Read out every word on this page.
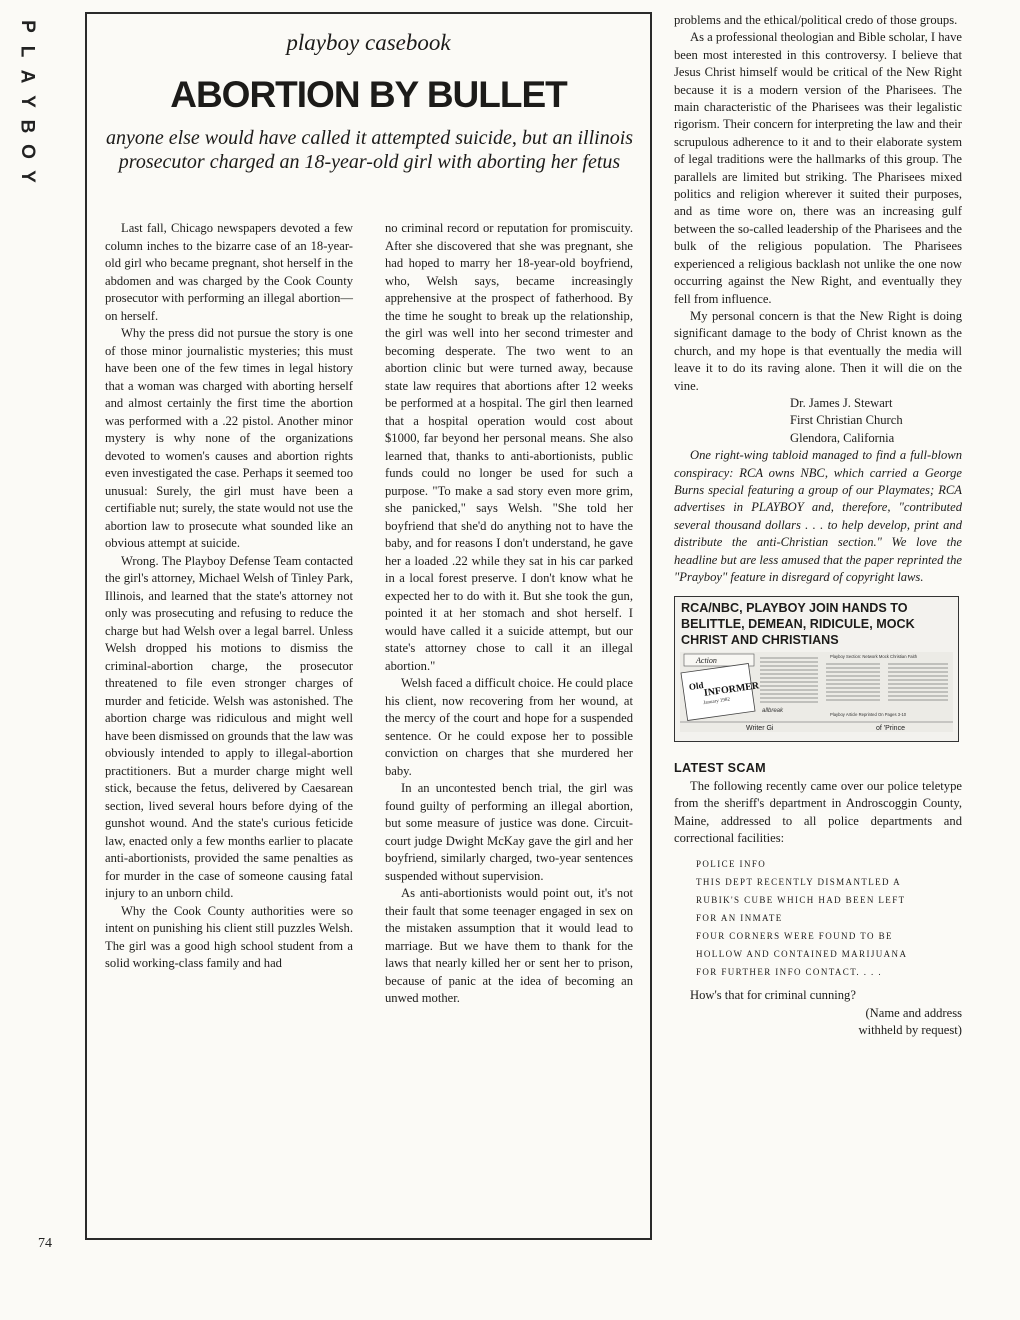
P
L
A
Y
B
O
Y
74
playboy casebook
ABORTION BY BULLET
anyone else would have called it attempted suicide, but an illinois prosecutor charged an 18-year-old girl with aborting her fetus

Last fall, Chicago newspapers devoted a few column inches to the bizarre case of an 18-year-old girl who became pregnant, shot herself in the abdomen and was charged by the Cook County prosecutor with performing an illegal abortion—on herself.

Why the press did not pursue the story is one of those minor journalistic mysteries; this must have been one of the few times in legal history that a woman was charged with aborting herself and almost certainly the first time the abortion was performed with a .22 pistol. Another minor mystery is why none of the organizations devoted to women's causes and abortion rights even investigated the case. Perhaps it seemed too unusual: Surely, the girl must have been a certifiable nut; surely, the state would not use the abortion law to prosecute what sounded like an obvious attempt at suicide.

Wrong. The Playboy Defense Team contacted the girl's attorney, Michael Welsh of Tinley Park, Illinois, and learned that the state's attorney not only was prosecuting and refusing to reduce the charge but had Welsh over a legal barrel. Unless Welsh dropped his motions to dismiss the criminal-abortion charge, the prosecutor threatened to file even stronger charges of murder and feticide. Welsh was astonished. The abortion charge was ridiculous and might well have been dismissed on grounds that the law was obviously intended to apply to illegal-abortion practitioners. But a murder charge might well stick, because the fetus, delivered by Caesarean section, lived several hours before dying of the gunshot wound. And the state's curious feticide law, enacted only a few months earlier to placate anti-abortionists, provided the same penalties as for murder in the case of someone causing fatal injury to an unborn child.

Why the Cook County authorities were so intent on punishing his client still puzzles Welsh. The girl was a good high school student from a solid working-class family and had

no criminal record or reputation for promiscuity. After she discovered that she was pregnant, she had hoped to marry her 18-year-old boyfriend, who, Welsh says, became increasingly apprehensive at the prospect of fatherhood. By the time he sought to break up the relationship, the girl was well into her second trimester and becoming desperate. The two went to an abortion clinic but were turned away, because state law requires that abortions after 12 weeks be performed at a hospital. The girl then learned that a hospital operation would cost about $1000, far beyond her personal means. She also learned that, thanks to anti-abortionists, public funds could no longer be used for such a purpose. "To make a sad story even more grim, she panicked," says Welsh. "She told her boyfriend that she'd do anything not to have the baby, and for reasons I don't understand, he gave her a loaded .22 while they sat in his car parked in a local forest preserve. I don't know what he expected her to do with it. But she took the gun, pointed it at her stomach and shot herself. I would have called it a suicide attempt, but our state's attorney chose to call it an illegal abortion."

Welsh faced a difficult choice. He could place his client, now recovering from her wound, at the mercy of the court and hope for a suspended sentence. Or he could expose her to possible conviction on charges that she murdered her baby.

In an uncontested bench trial, the girl was found guilty of performing an illegal abortion, but some measure of justice was done. Circuit-court judge Dwight McKay gave the girl and her boyfriend, similarly charged, two-year sentences suspended without supervision.

As anti-abortionists would point out, it's not their fault that some teenager engaged in sex on the mistaken assumption that it would lead to marriage. But we have them to thank for the laws that nearly killed her or sent her to prison, because of panic at the idea of becoming an unwed mother.

problems and the ethical/political credo of those groups.

As a professional theologian and Bible scholar, I have been most interested in this controversy. I believe that Jesus Christ himself would be critical of the New Right because it is a modern version of the Pharisees. The main characteristic of the Pharisees was their legalistic rigorism. Their concern for interpreting the law and their scrupulous adherence to it and to their elaborate system of legal traditions were the hallmarks of this group. The parallels are limited but striking. The Pharisees mixed politics and religion wherever it suited their purposes, and as time wore on, there was an increasing gulf between the so-called leadership of the Pharisees and the bulk of the religious population. The Pharisees experienced a religious backlash not unlike the one now occurring against the New Right, and eventually they fell from influence.

My personal concern is that the New Right is doing significant damage to the body of Christ known as the church, and my hope is that eventually the media will leave it to do its raving alone. Then it will die on the vine.

Dr. James J. Stewart
First Christian Church
Glendora, California

One right-wing tabloid managed to find a full-blown conspiracy: RCA owns NBC, which carried a George Burns special featuring a group of our Playmates; RCA advertises in PLAYBOY and, therefore, "contributed several thousand dollars . . . to help develop, print and distribute the anti-Christian section." We love the headline but are less amused that the paper reprinted the "Prayboy" feature in disregard of copyright laws.

RCA/NBC, PLAYBOY JOIN HANDS TO BELITTLE, DEMEAN, RIDICULE, MOCK CHRIST AND CHRISTIANS
Action
Old INFORMER
January 1982
Playboy Section: Network Mock Christian Faith
allbreak
Playboy Article Reprinted On Pages 3-10
Writer Gi	of 'Prince
LATEST SCAM

The following recently came over our police teletype from the sheriff's department in Androscoggin County, Maine, addressed to all police departments and correctional facilities:

POLICE INFO
THIS DEPT RECENTLY DISMANTLED A
RUBIK'S CUBE WHICH HAD BEEN LEFT
FOR AN INMATE
FOUR CORNERS WERE FOUND TO BE
HOLLOW AND CONTAINED MARIJUANA
FOR FURTHER INFO CONTACT. . . .

How's that for criminal cunning?

(Name and address

withheld by request)
